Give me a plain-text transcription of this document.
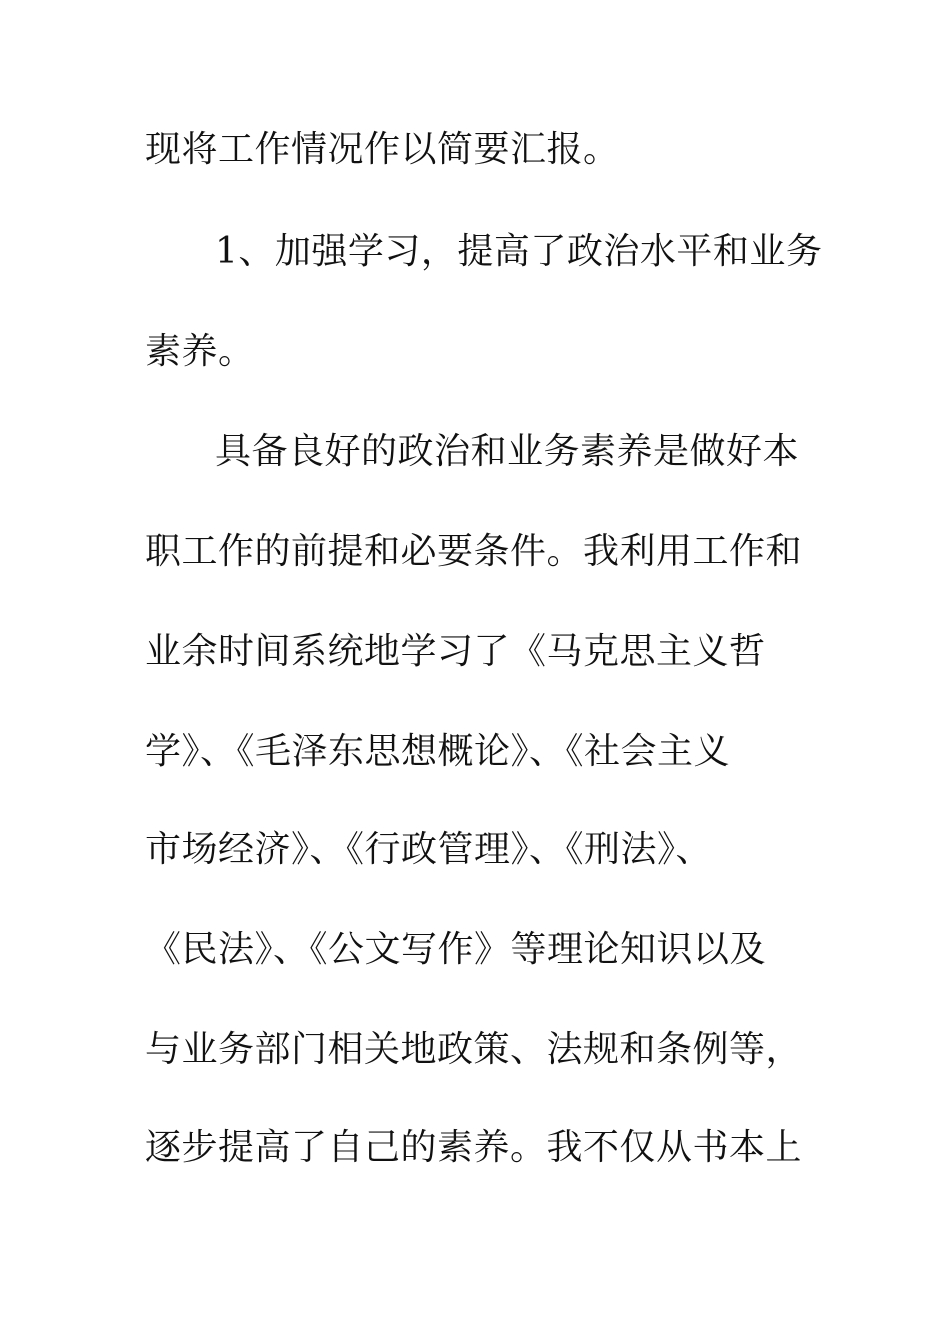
现将工作情况作以简要汇报。
1、加强学习，提高了政治水平和业务
素养。
具备良好的政治和业务素养是做好本
职工作的前提和必要条件。我利用工作和
业余时间系统地学习了《马克思主义哲
学》、《毛泽东思想概论》、《社会主义
市场经济》、《行政管理》、《刑法》、
《民法》、《公文写作》等理论知识以及
与业务部门相关地政策、法规和条例等，
逐步提高了自己的素养。我不仅从书本上
